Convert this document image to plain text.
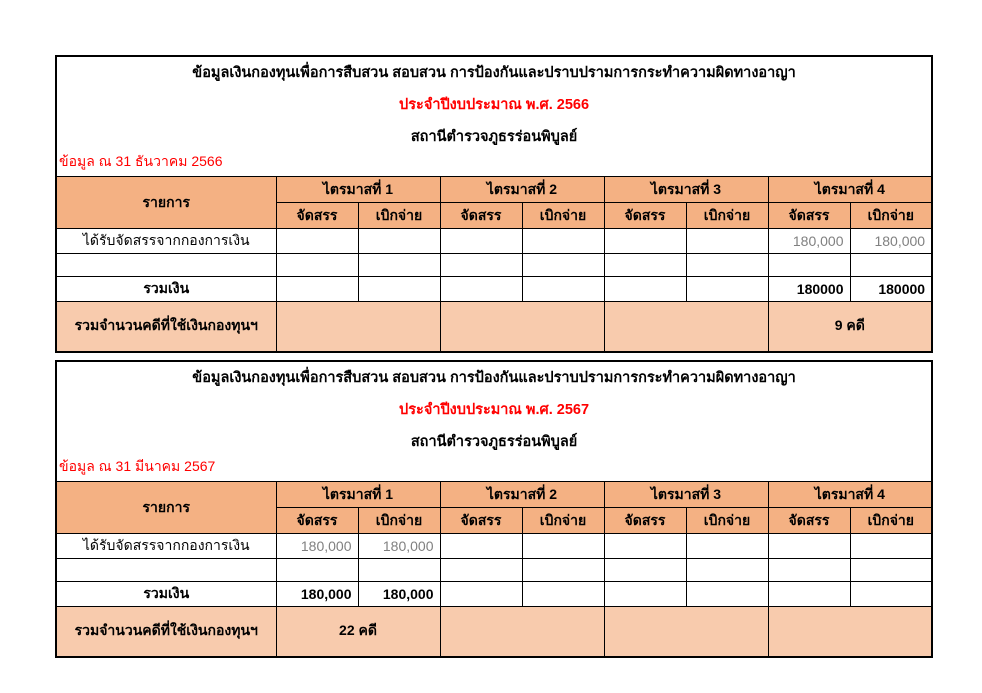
ข้อมูลเงินกองทุนเพื่อการสืบสวน สอบสวน การป้องกันและปราบปรามการกระทำความผิดทางอาญา
ประจำปีงบประมาณ พ.ศ. 2566
สถานีตำรวจภูธรร่อนพิบูลย์								

ข้อมูล ณ 31 ธันวาคม 2566								
รายการ	ไตรมาสที่ 1		ไตรมาสที่ 2		ไตรมาสที่ 3		ไตรมาสที่ 4	
	จัดสรร	เบิกจ่าย	จัดสรร	เบิกจ่าย	จัดสรร	เบิกจ่าย	จัดสรร	เบิกจ่าย
ได้รับจัดสรรจากกองการเงิน							180,000	180,000

รวมเงิน							180000	180000
รวมจำนวนคดีที่ใช้เงินกองทุนฯ							9 คดี	
ข้อมูลเงินกองทุนเพื่อการสืบสวน สอบสวน การป้องกันและปราบปรามการกระทำความผิดทางอาญา
ประจำปีงบประมาณ พ.ศ. 2567
สถานีตำรวจภูธรร่อนพิบูลย์								

ข้อมูล ณ 31 มีนาคม 2567								
รายการ	ไตรมาสที่ 1		ไตรมาสที่ 2		ไตรมาสที่ 3		ไตรมาสที่ 4	
	จัดสรร	เบิกจ่าย	จัดสรร	เบิกจ่าย	จัดสรร	เบิกจ่าย	จัดสรร	เบิกจ่าย
ได้รับจัดสรรจากกองการเงิน	180,000	180,000						

รวมเงิน	180,000	180,000						
รวมจำนวนคดีที่ใช้เงินกองทุนฯ	22 คดี							
